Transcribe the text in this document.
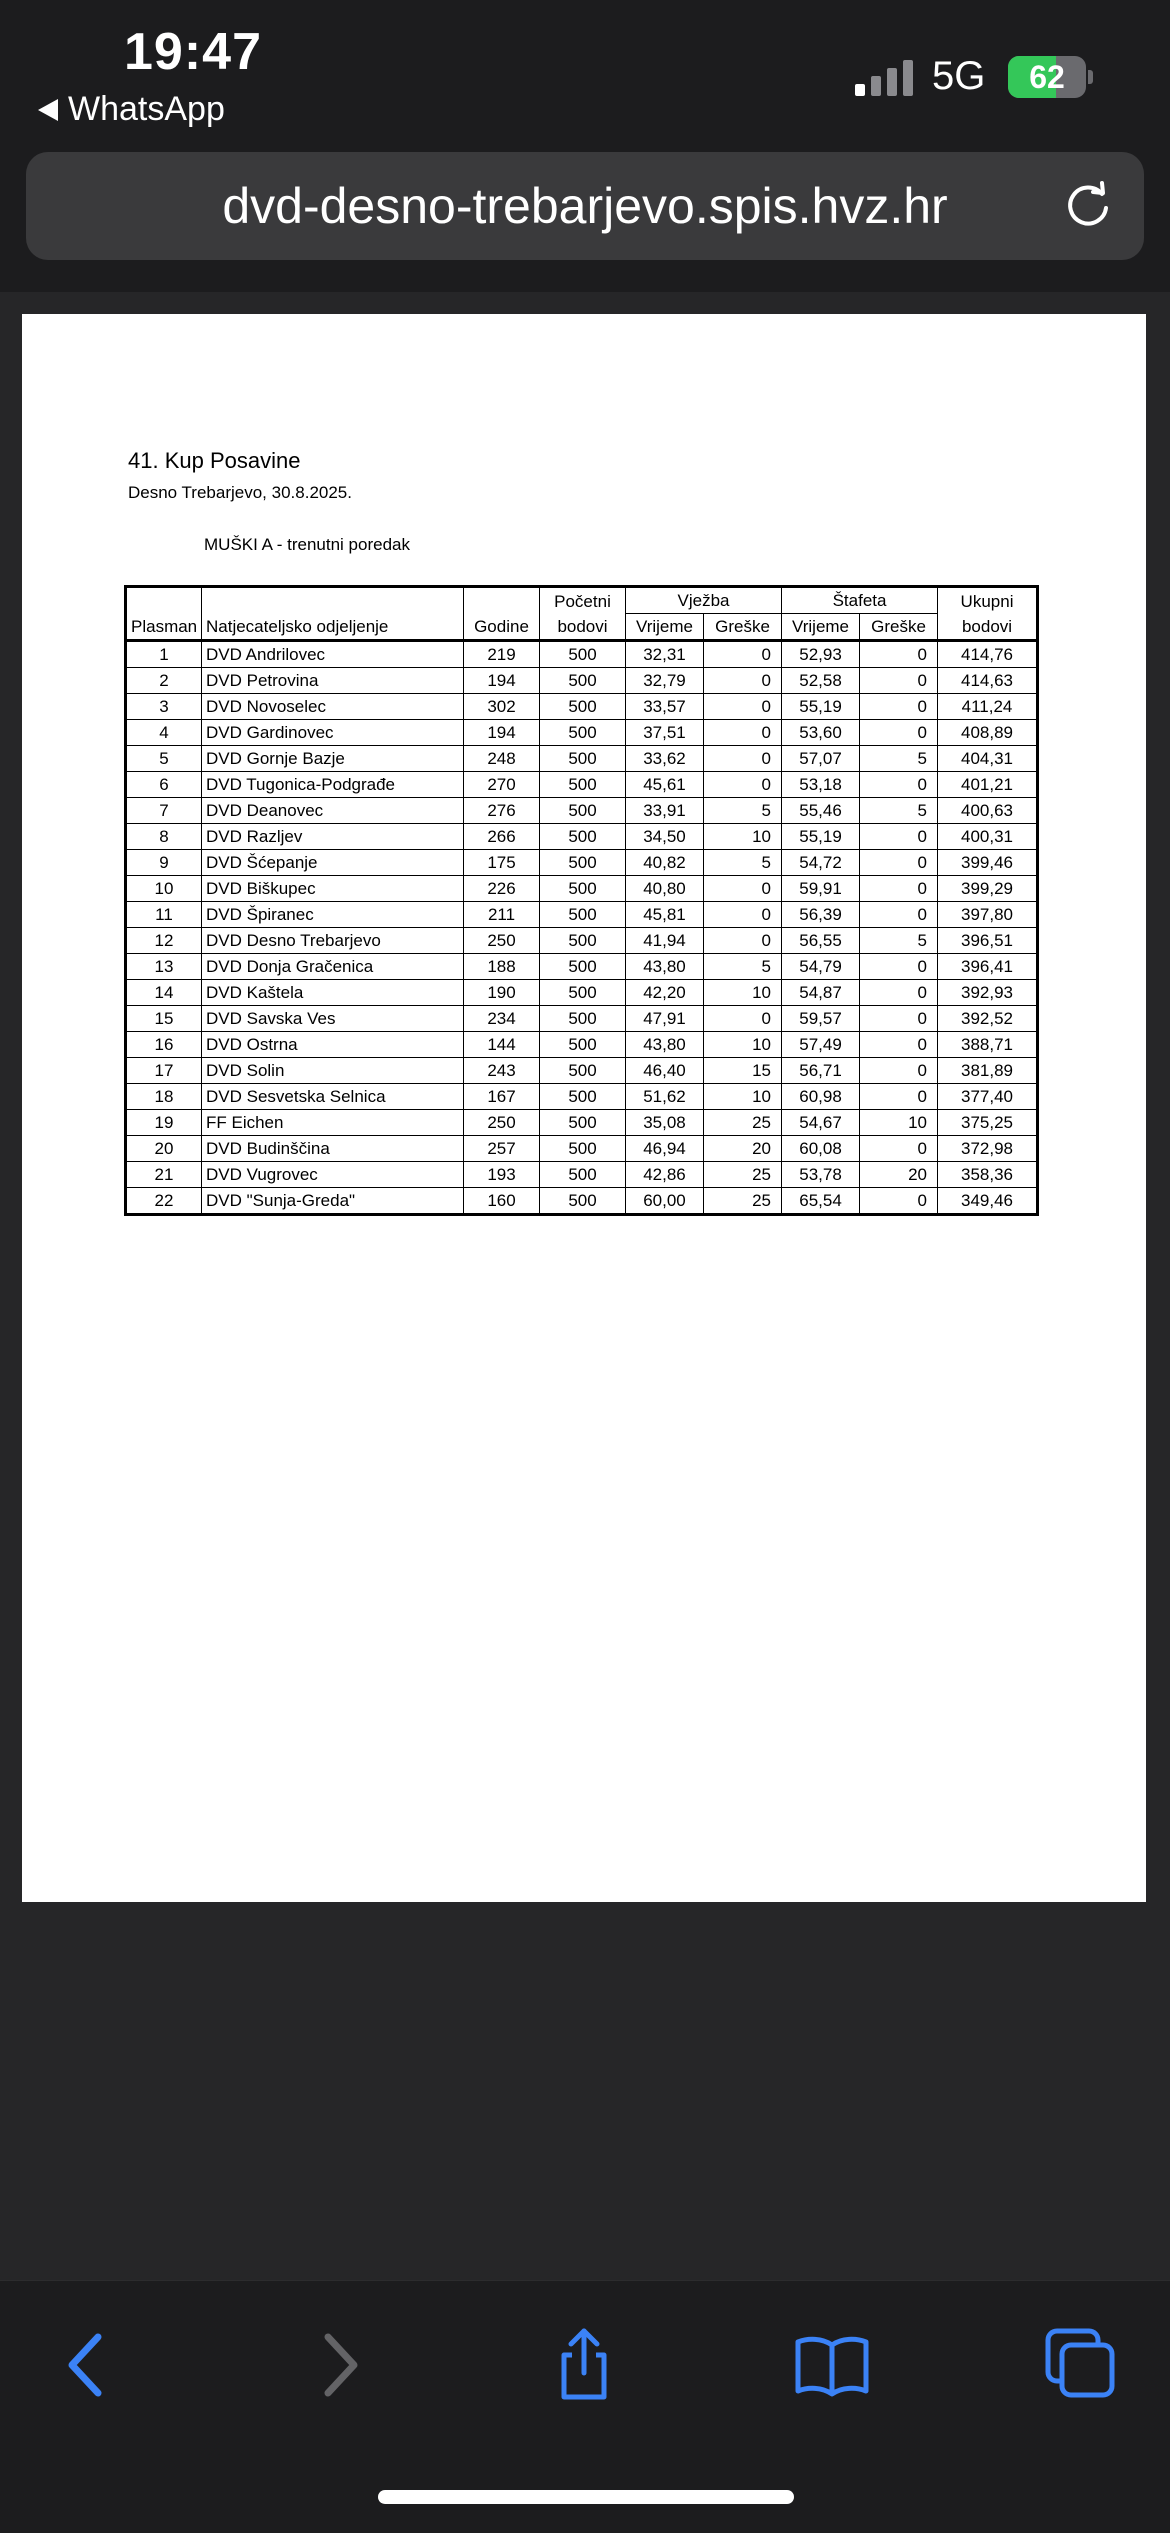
19:47
WhatsApp
5G	62
dvd-desno-trebarjevo.spis.hvz.hr
41. Kup Posavine
Desno Trebarjevo, 30.8.2025.
MUŠKI A - trenutni poredak
			Početni	Vježba		Štafeta		Ukupni
Plasman	Natjecateljsko odjeljenje	Godine	bodovi	Vrijeme	Greške	Vrijeme	Greške	bodovi
1	DVD Andrilovec	219	500	32,31	0	52,93	0	414,76
2	DVD Petrovina	194	500	32,79	0	52,58	0	414,63
3	DVD Novoselec	302	500	33,57	0	55,19	0	411,24
4	DVD Gardinovec	194	500	37,51	0	53,60	0	408,89
5	DVD Gornje Bazje	248	500	33,62	0	57,07	5	404,31
6	DVD Tugonica-Podgrađe	270	500	45,61	0	53,18	0	401,21
7	DVD Deanovec	276	500	33,91	5	55,46	5	400,63
8	DVD Razljev	266	500	34,50	10	55,19	0	400,31
9	DVD Šćepanje	175	500	40,82	5	54,72	0	399,46
10	DVD Biškupec	226	500	40,80	0	59,91	0	399,29
11	DVD Špiranec	211	500	45,81	0	56,39	0	397,80
12	DVD Desno Trebarjevo	250	500	41,94	0	56,55	5	396,51
13	DVD Donja Gračenica	188	500	43,80	5	54,79	0	396,41
14	DVD Kaštela	190	500	42,20	10	54,87	0	392,93
15	DVD Savska Ves	234	500	47,91	0	59,57	0	392,52
16	DVD Ostrna	144	500	43,80	10	57,49	0	388,71
17	DVD Solin	243	500	46,40	15	56,71	0	381,89
18	DVD Sesvetska Selnica	167	500	51,62	10	60,98	0	377,40
19	FF Eichen	250	500	35,08	25	54,67	10	375,25
20	DVD Budinščina	257	500	46,94	20	60,08	0	372,98
21	DVD Vugrovec	193	500	42,86	25	53,78	20	358,36
22	DVD "Sunja-Greda"	160	500	60,00	25	65,54	0	349,46
